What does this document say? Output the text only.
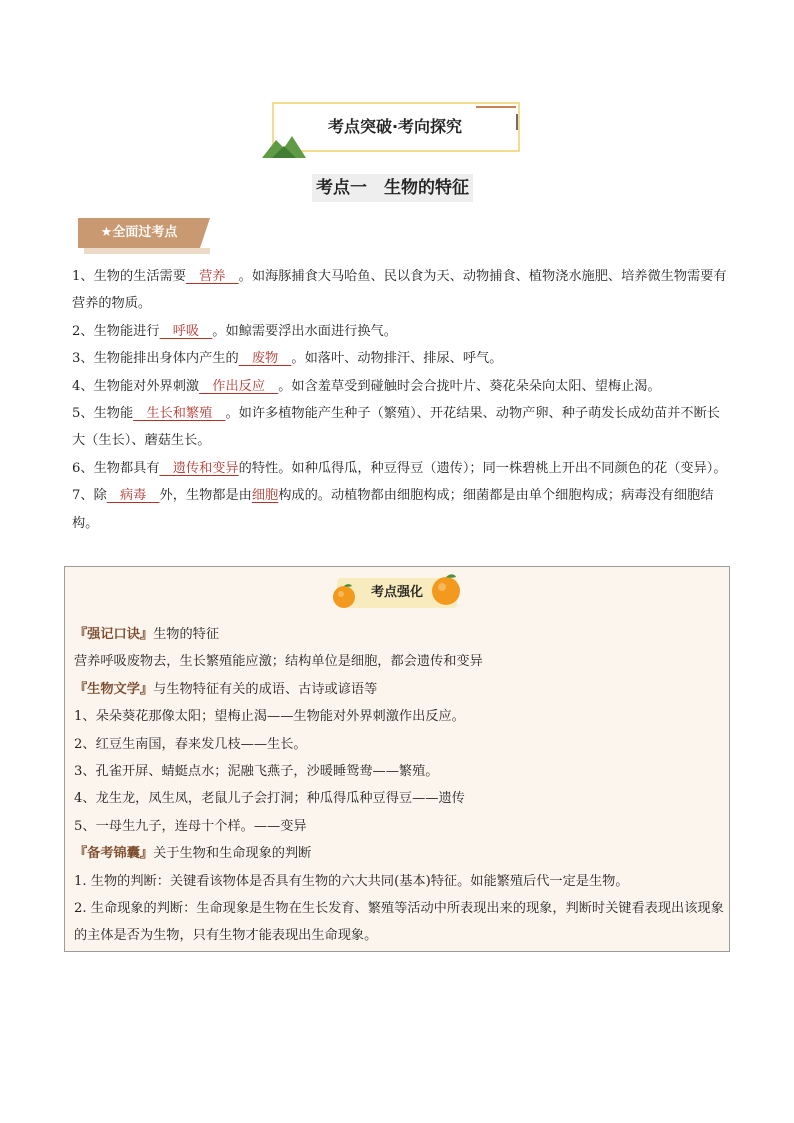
考点突破·考向探究
考点一　生物的特征
★全面过考点

1、生物的生活需要　营养　。如海豚捕食大马哈鱼、民以食为天、动物捕食、植物浇水施肥、培养微生物需要有营养的物质。

2、生物能进行　呼吸　。如鲸需要浮出水面进行换气。

3、生物能排出身体内产生的　废物　。如落叶、动物排汗、排尿、呼气。

4、生物能对外界刺激　作出反应　。如含羞草受到碰触时会合拢叶片、葵花朵朵向太阳、望梅止渴。

5、生物能　生长和繁殖　。如许多植物能产生种子（繁殖）、开花结果、动物产卵、种子萌发长成幼苗并不断长大（生长）、蘑菇生长。

6、生物都具有　遗传和变异的特性。如种瓜得瓜，种豆得豆（遗传）；同一株碧桃上开出不同颜色的花（变异）。

7、除　病毒　外，生物都是由细胞构成的。动植物都由细胞构成；细菌都是由单个细胞构成；病毒没有细胞结构。

考点强化

『强记口诀』生物的特征

营养呼吸废物去，生长繁殖能应激；结构单位是细胞，都会遗传和变异

『生物文学』与生物特征有关的成语、古诗或谚语等

1、朵朵葵花那像太阳；望梅止渴——生物能对外界刺激作出反应。

2、红豆生南国，春来发几枝——生长。

3、孔雀开屏、蜻蜓点水；泥融飞燕子，沙暖睡鸳鸯——繁殖。

4、龙生龙，凤生凤，老鼠儿子会打洞；种瓜得瓜种豆得豆——遗传

5、一母生九子，连母十个样。——变异

『备考锦囊』关于生物和生命现象的判断

1. 生物的判断：关键看该物体是否具有生物的六大共同(基本)特征。如能繁殖后代一定是生物。

2. 生命现象的判断：生命现象是生物在生长发育、繁殖等活动中所表现出来的现象，判断时关键看表现出该现象的主体是否为生物，只有生物才能表现出生命现象。
